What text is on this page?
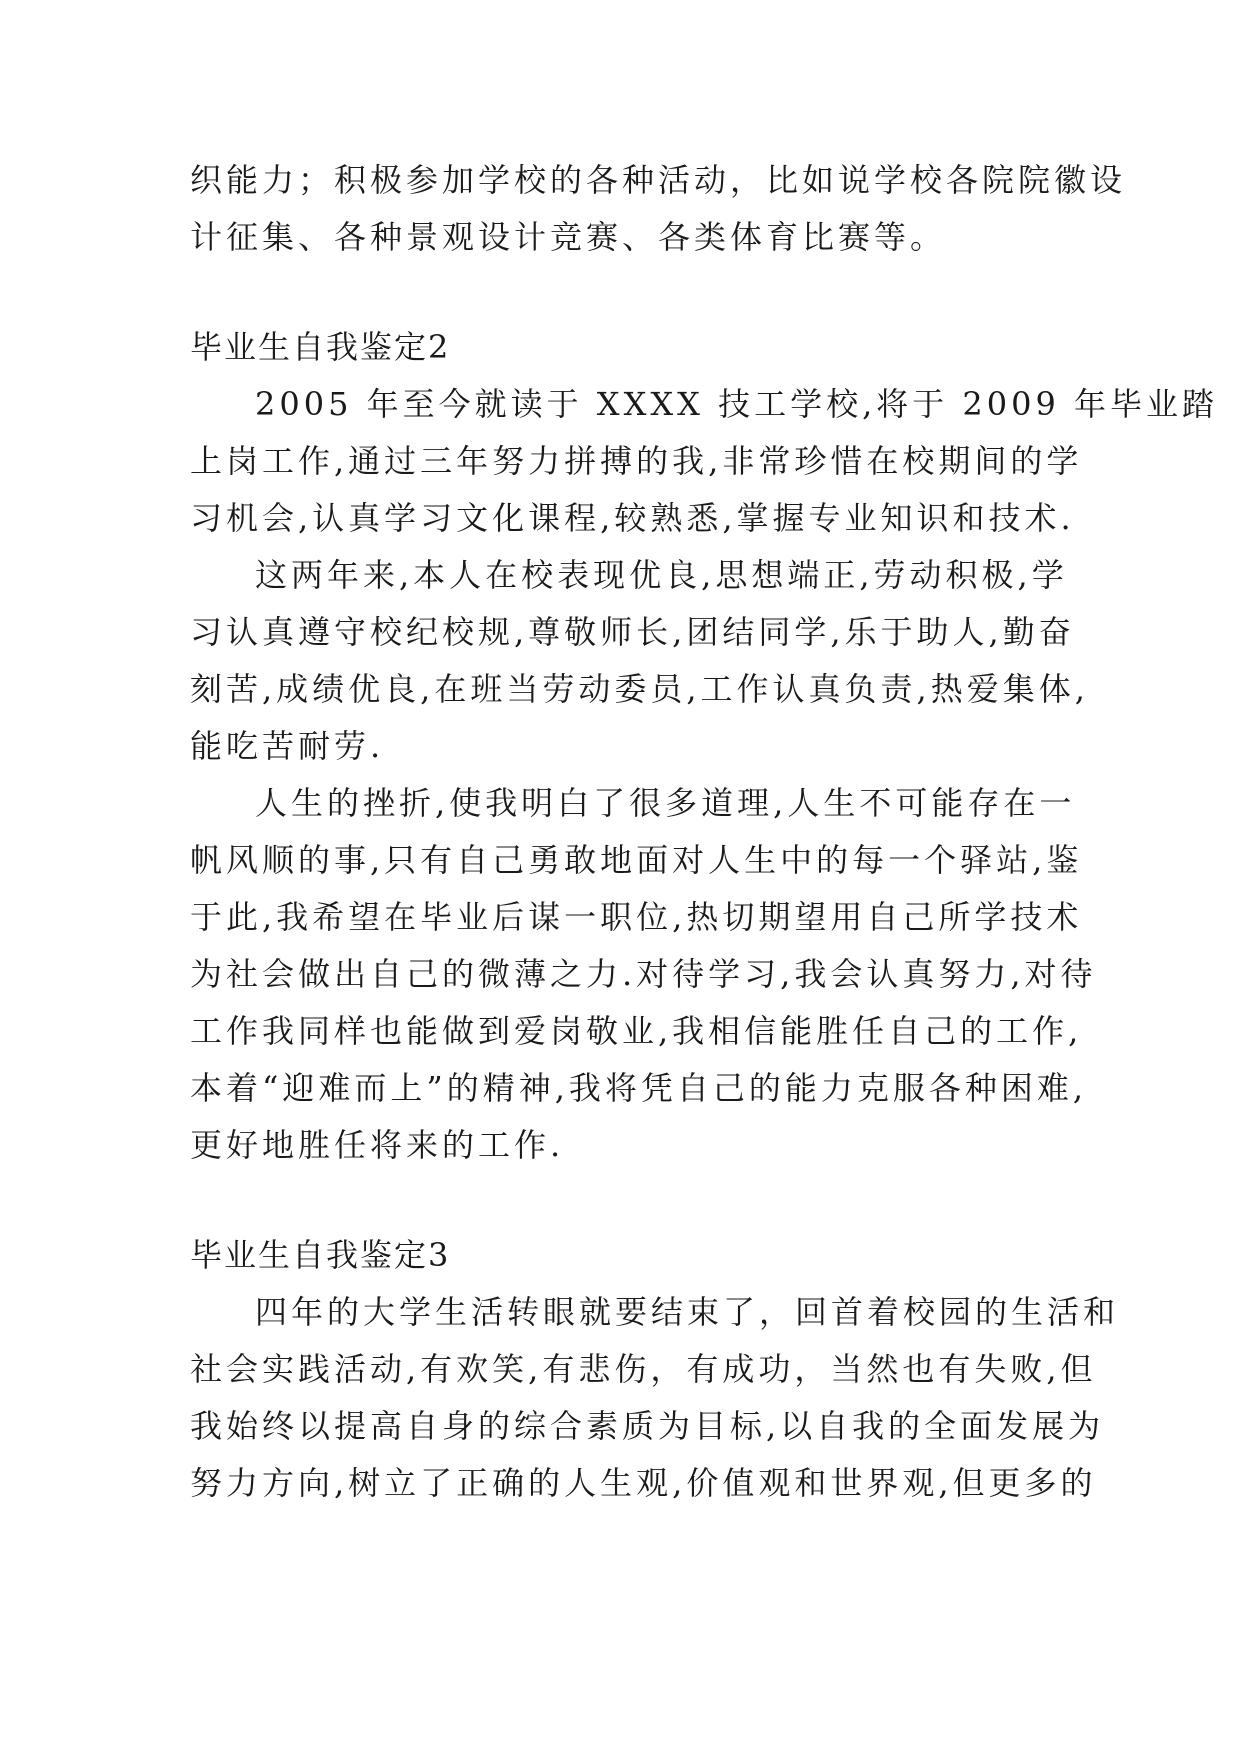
织能力；积极参加学校的各种活动，比如说学校各院院徽设
计征集、各种景观设计竞赛、各类体育比赛等。
毕业生自我鉴定2
2005 年至今就读于 XXXX 技工学校,将于 2009 年毕业踏
上岗工作,通过三年努力拼搏的我,非常珍惜在校期间的学
习机会,认真学习文化课程,较熟悉,掌握专业知识和技术.
这两年来,本人在校表现优良,思想端正,劳动积极,学
习认真遵守校纪校规,尊敬师长,团结同学,乐于助人,勤奋
刻苦,成绩优良,在班当劳动委员,工作认真负责,热爱集体,
能吃苦耐劳.
人生的挫折,使我明白了很多道理,人生不可能存在一
帆风顺的事,只有自己勇敢地面对人生中的每一个驿站,鉴
于此,我希望在毕业后谋一职位,热切期望用自己所学技术
为社会做出自己的微薄之力.对待学习,我会认真努力,对待
工作我同样也能做到爱岗敬业,我相信能胜任自己的工作,
本着“迎难而上”的精神,我将凭自己的能力克服各种困难,
更好地胜任将来的工作.
毕业生自我鉴定3
四年的大学生活转眼就要结束了，回首着校园的生活和
社会实践活动,有欢笑,有悲伤，有成功，当然也有失败,但
我始终以提高自身的综合素质为目标,以自我的全面发展为
努力方向,树立了正确的人生观,价值观和世界观,但更多的
